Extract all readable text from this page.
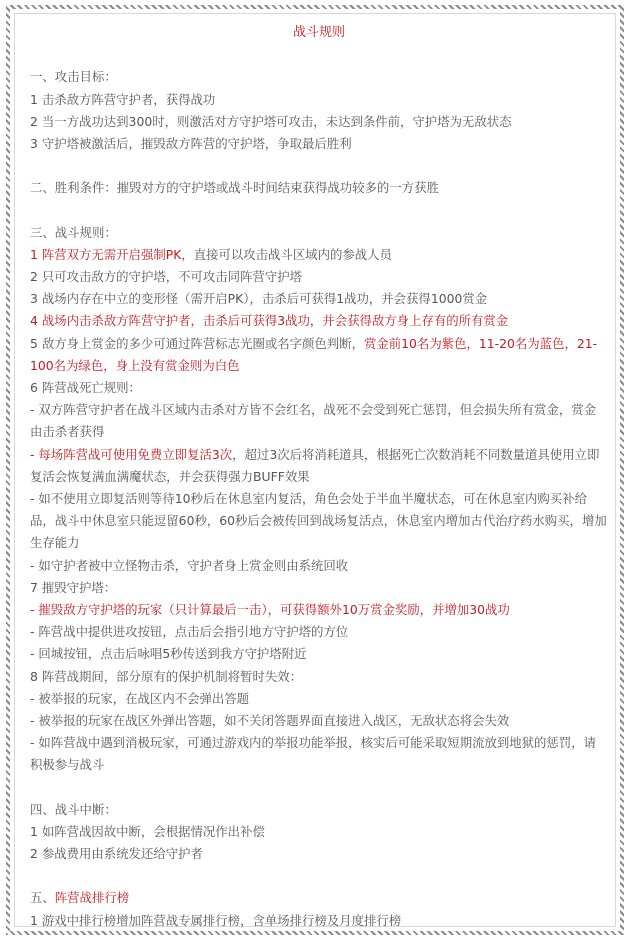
战斗规则
一、攻击目标：
1 击杀敌方阵营守护者，获得战功
2 当一方战功达到300时，则激活对方守护塔可攻击，未达到条件前，守护塔为无敌状态
3 守护塔被激活后，摧毁敌方阵营的守护塔，争取最后胜利
二、胜利条件：摧毁对方的守护塔或战斗时间结束获得战功较多的一方获胜
三、战斗规则：
1 阵营双方无需开启强制PK，直接可以攻击战斗区域内的参战人员
2 只可攻击敌方的守护塔，不可攻击同阵营守护塔
3 战场内存在中立的变形怪（需开启PK），击杀后可获得1战功，并会获得1000赏金
4 战场内击杀敌方阵营守护者，击杀后可获得3战功，并会获得敌方身上存有的所有赏金
5 敌方身上赏金的多少可通过阵营标志光圈或名字颜色判断，赏金前10名为紫色，11-20名为蓝色，21-100名为绿色，身上没有赏金则为白色
6 阵营战死亡规则：
- 双方阵营守护者在战斗区域内击杀对方皆不会红名，战死不会受到死亡惩罚，但会损失所有赏金，赏金由击杀者获得
- 每场阵营战可使用免费立即复活3次，超过3次后将消耗道具，根据死亡次数消耗不同数量道具使用立即复活会恢复满血满魔状态，并会获得强力BUFF效果
- 如不使用立即复活则等待10秒后在休息室内复活，角色会处于半血半魔状态，可在休息室内购买补给品，战斗中休息室只能逗留60秒，60秒后会被传回到战场复活点，休息室内增加古代治疗药水购买，增加生存能力
- 如守护者被中立怪物击杀，守护者身上赏金则由系统回收
7 摧毁守护塔：
- 摧毁敌方守护塔的玩家（只计算最后一击），可获得额外10万赏金奖励，并增加30战功
- 阵营战中提供进攻按钮，点击后会指引地方守护塔的方位
- 回城按钮，点击后咏唱5秒传送到我方守护塔附近
8 阵营战期间，部分原有的保护机制将暂时失效：
- 被举报的玩家，在战区内不会弹出答题
- 被举报的玩家在战区外弹出答题，如不关闭答题界面直接进入战区，无敌状态将会失效
- 如阵营战中遇到消极玩家，可通过游戏内的举报功能举报，核实后可能采取短期流放到地狱的惩罚，请积极参与战斗
四、战斗中断：
1 如阵营战因故中断，会根据情况作出补偿
2 参战费用由系统发还给守护者
五、阵营战排行榜
1 游戏中排行榜增加阵营战专属排行榜，含单场排行榜及月度排行榜
